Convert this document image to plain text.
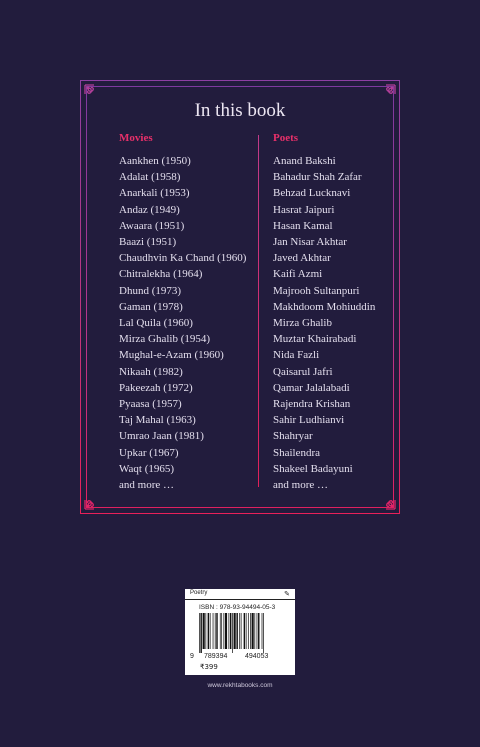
In this book
Movies
Aankhen (1950)
Adalat (1958)
Anarkali (1953)
Andaz (1949)
Awaara (1951)
Baazi (1951)
Chaudhvin Ka Chand (1960)
Chitralekha (1964)
Dhund (1973)
Gaman (1978)
Lal Quila (1960)
Mirza Ghalib (1954)
Mughal-e-Azam (1960)
Nikaah (1982)
Pakeezah (1972)
Pyaasa (1957)
Taj Mahal (1963)
Umrao Jaan (1981)
Upkar (1967)
Waqt (1965)
and more …
Poets
Anand Bakshi
Bahadur Shah Zafar
Behzad Lucknavi
Hasrat Jaipuri
Hasan Kamal
Jan Nisar Akhtar
Javed Akhtar
Kaifi Azmi
Majrooh Sultanpuri
Makhdoom Mohiuddin
Mirza Ghalib
Muztar Khairabadi
Nida Fazli
Qaisarul Jafri
Qamar Jalalabadi
Rajendra Krishan
Sahir Ludhianvi
Shahryar
Shailendra
Shakeel Badayuni
and more …
Poetry	✎
ISBN : 978-93-94494-05-3
9 789394	494053
₹399
www.rekhtabooks.com
